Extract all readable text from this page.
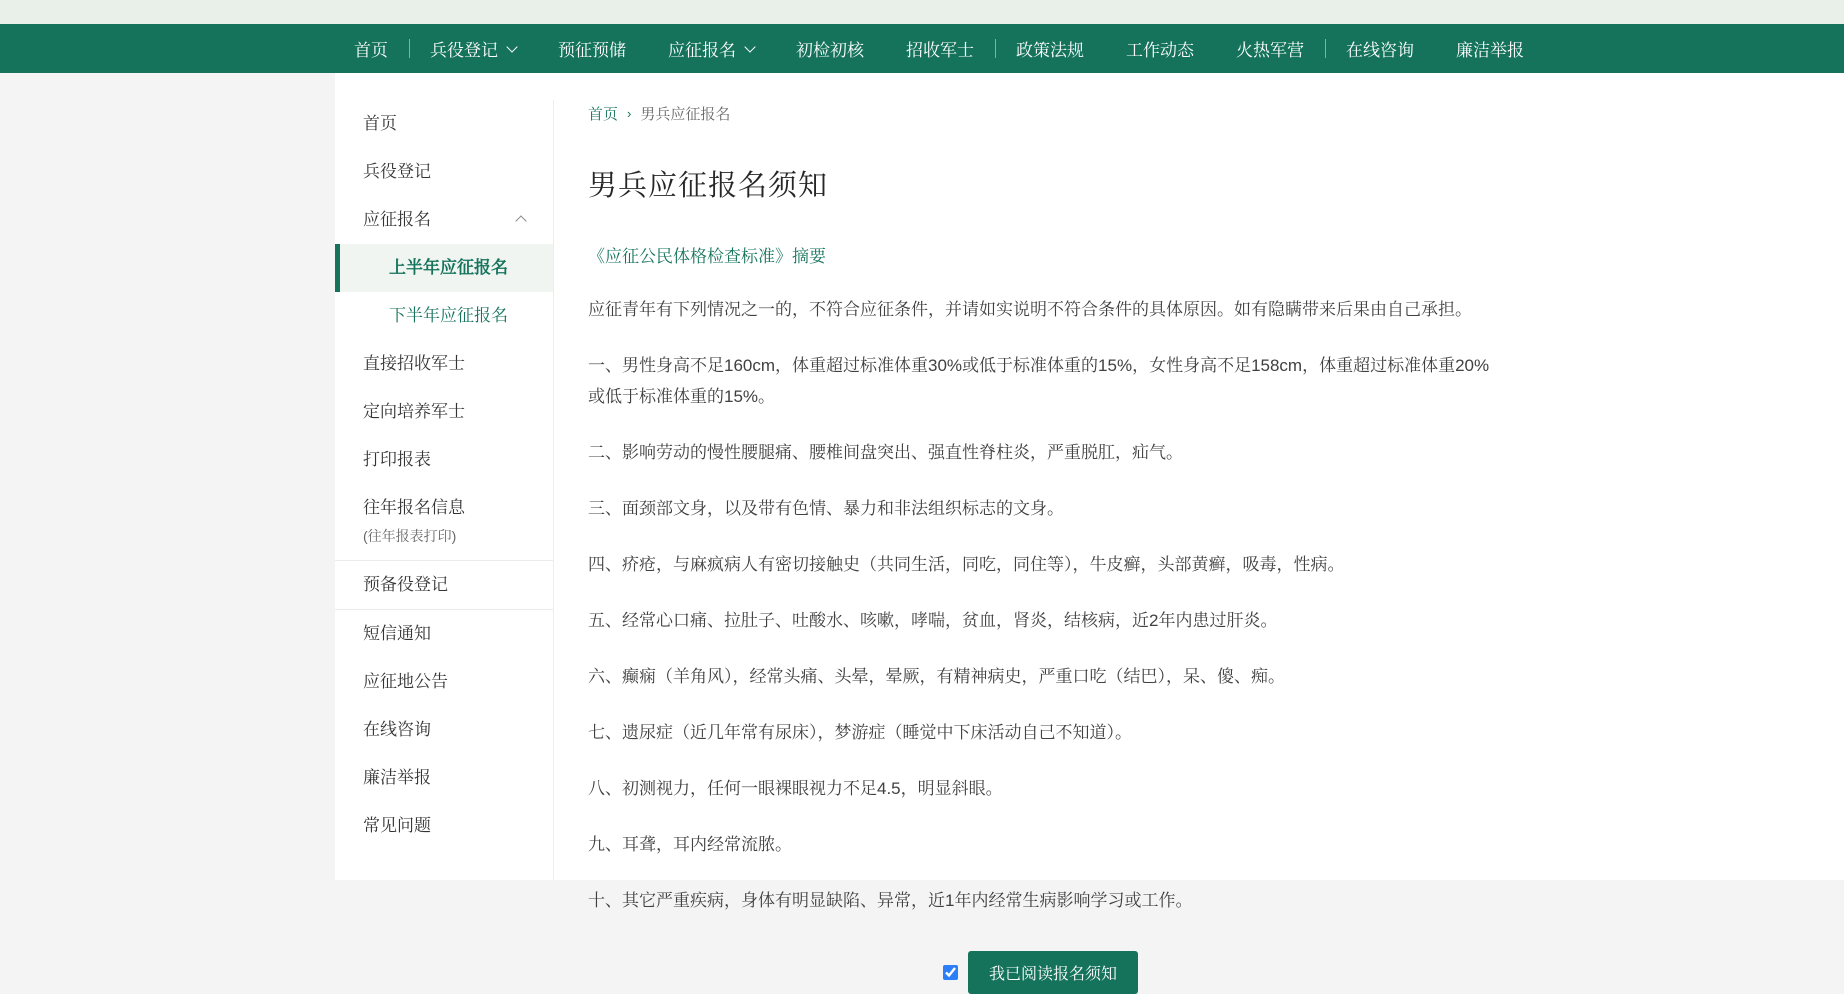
首页 兵役登记	预征预储 应征报名	初检初核 招收军士 政策法规 工作动态 火热军营 在线咨询 廉洁举报
首页
兵役登记
应征报名
上半年应征报名
下半年应征报名
直接招收军士
定向培养军士
打印报表
往年报名信息
(往年报表打印)
预备役登记
短信通知
应征地公告
在线咨询
廉洁举报
常见问题
首页 › 男兵应征报名
男兵应征报名须知
《应征公民体格检查标准》摘要

应征青年有下列情况之一的，不符合应征条件，并请如实说明不符合条件的具体原因。如有隐瞒带来后果由自己承担。

一、男性身高不足160cm，体重超过标准体重30%或低于标准体重的15%，女性身高不足158cm，体重超过标准体重20%或低于标准体重的15%。

二、影响劳动的慢性腰腿痛、腰椎间盘突出、强直性脊柱炎，严重脱肛，疝气。

三、面颈部文身，以及带有色情、暴力和非法组织标志的文身。

四、疥疮，与麻疯病人有密切接触史（共同生活，同吃，同住等），牛皮癣，头部黄癣，吸毒，性病。

五、经常心口痛、拉肚子、吐酸水、咳嗽，哮喘，贫血，肾炎，结核病，近2年内患过肝炎。

六、癫痫（羊角风），经常头痛、头晕，晕厥，有精神病史，严重口吃（结巴），呆、傻、痴。

七、遗尿症（近几年常有尿床），梦游症（睡觉中下床活动自己不知道）。

八、初测视力，任何一眼裸眼视力不足4.5，明显斜眼。

九、耳聋，耳内经常流脓。

十、其它严重疾病，身体有明显缺陷、异常，近1年内经常生病影响学习或工作。

我已阅读报名须知
